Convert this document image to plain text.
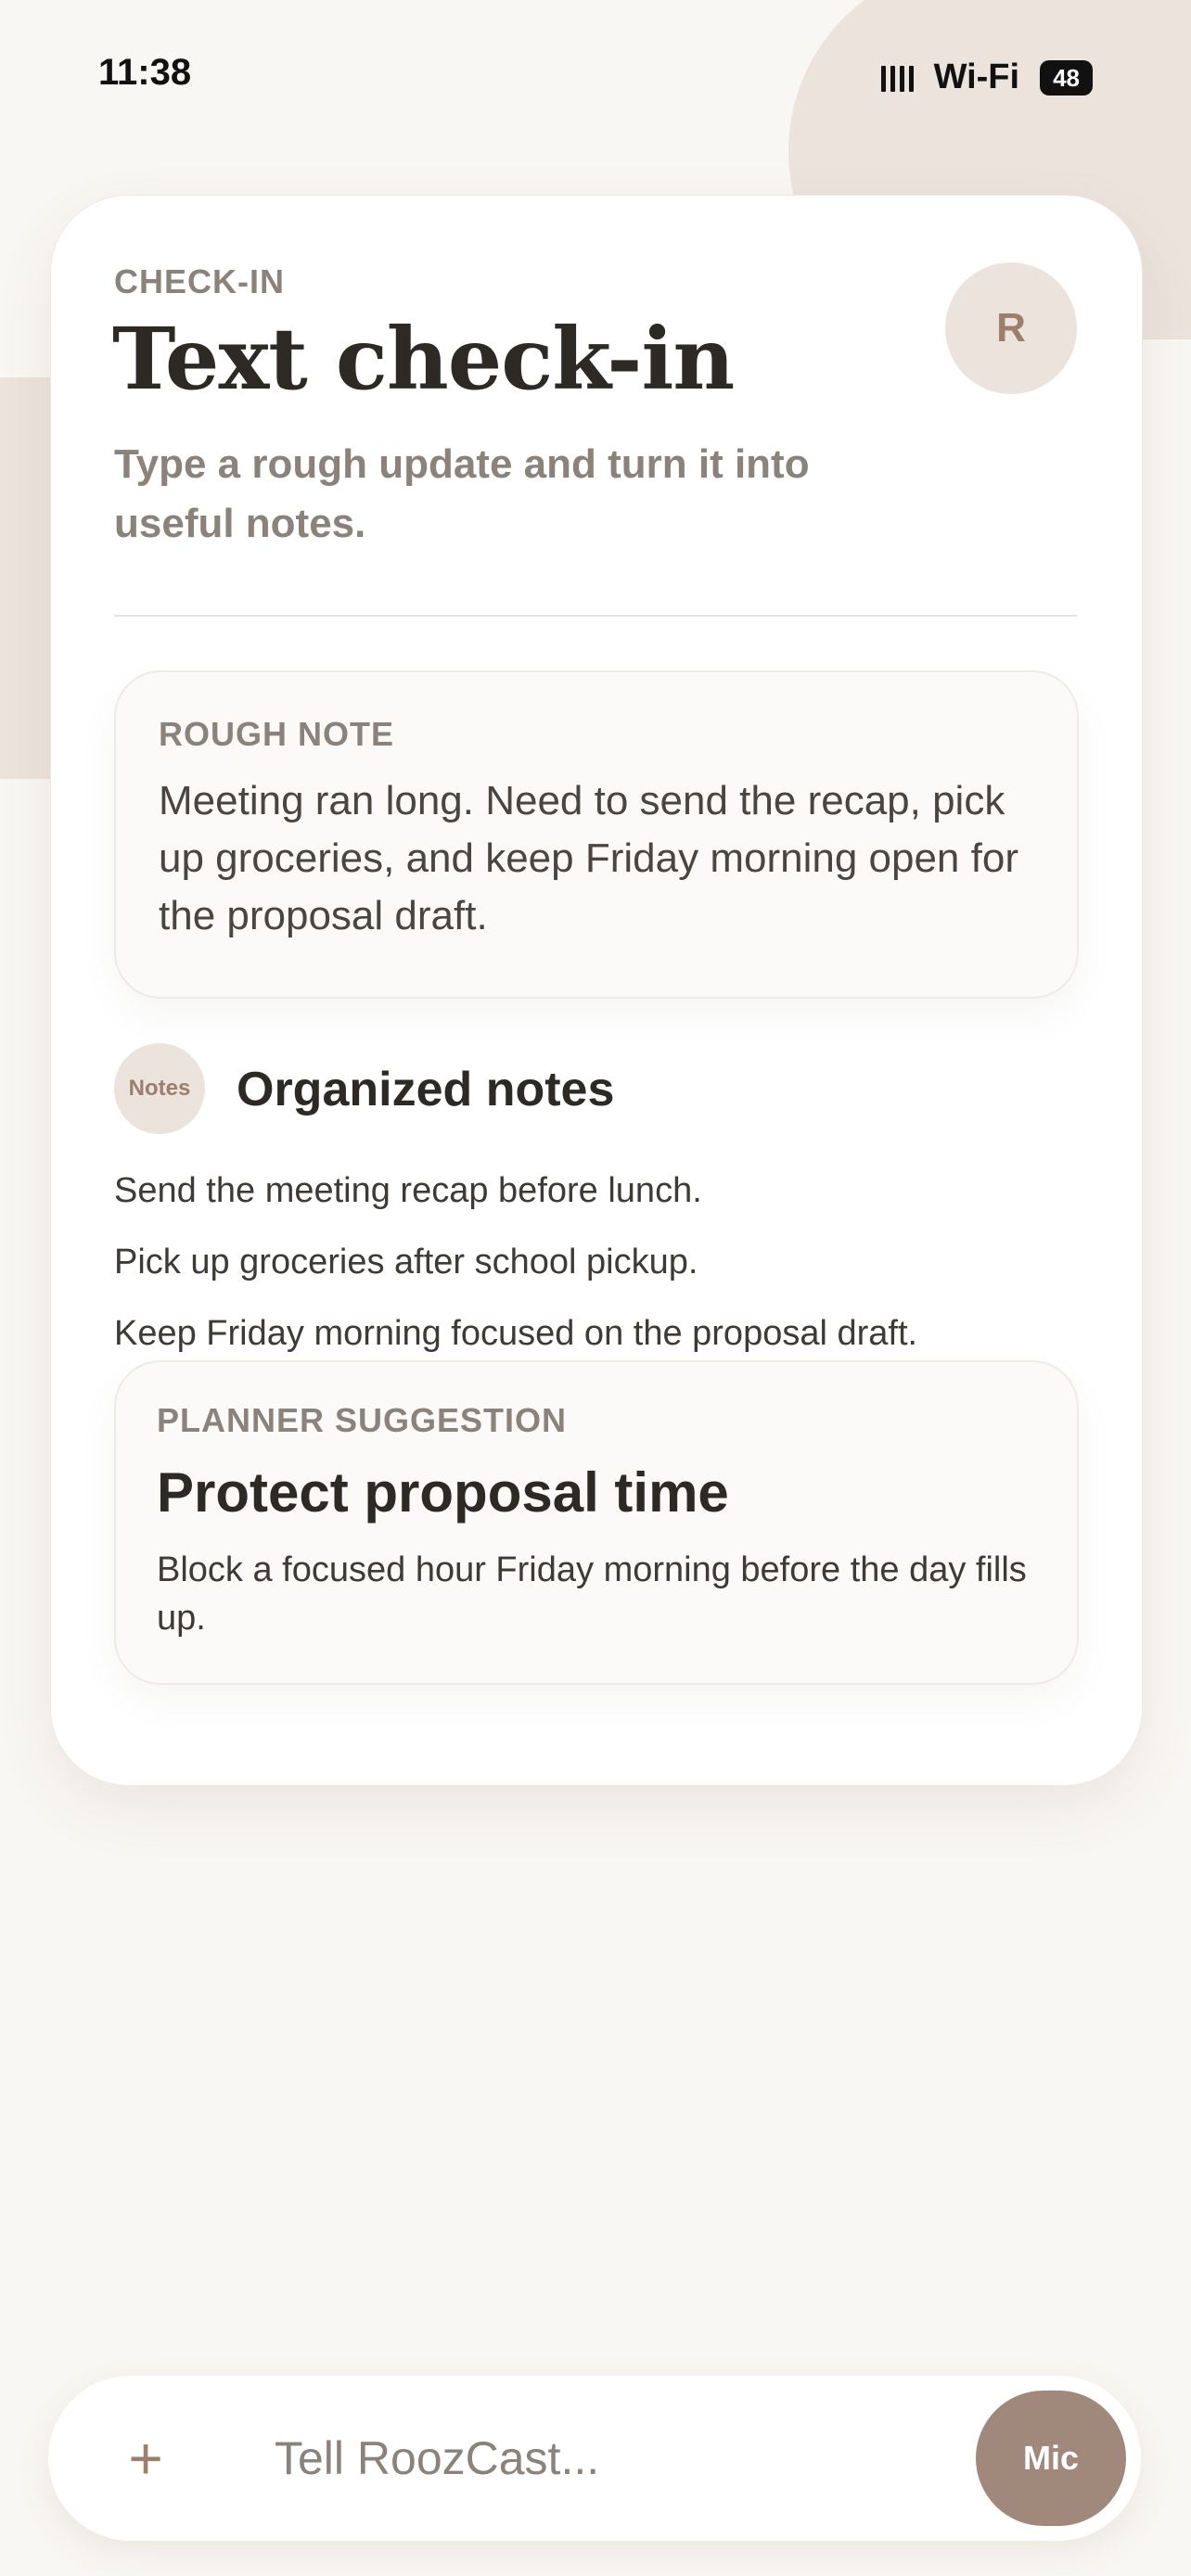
11:38	Wi-Fi	48
CHECK-IN
Text check-in	R
Type a rough update and turn it into useful notes.
ROUGH NOTE
Meeting ran long. Need to send the recap, pick up groceries, and keep Friday morning open for the proposal draft.
Notes Organized notes
Send the meeting recap before lunch.
Pick up groceries after school pickup.
Keep Friday morning focused on the proposal draft.
PLANNER SUGGESTION
Protect proposal time
Block a focused hour Friday morning before the day fills up.
+
Tell RoozCast...	Mic
